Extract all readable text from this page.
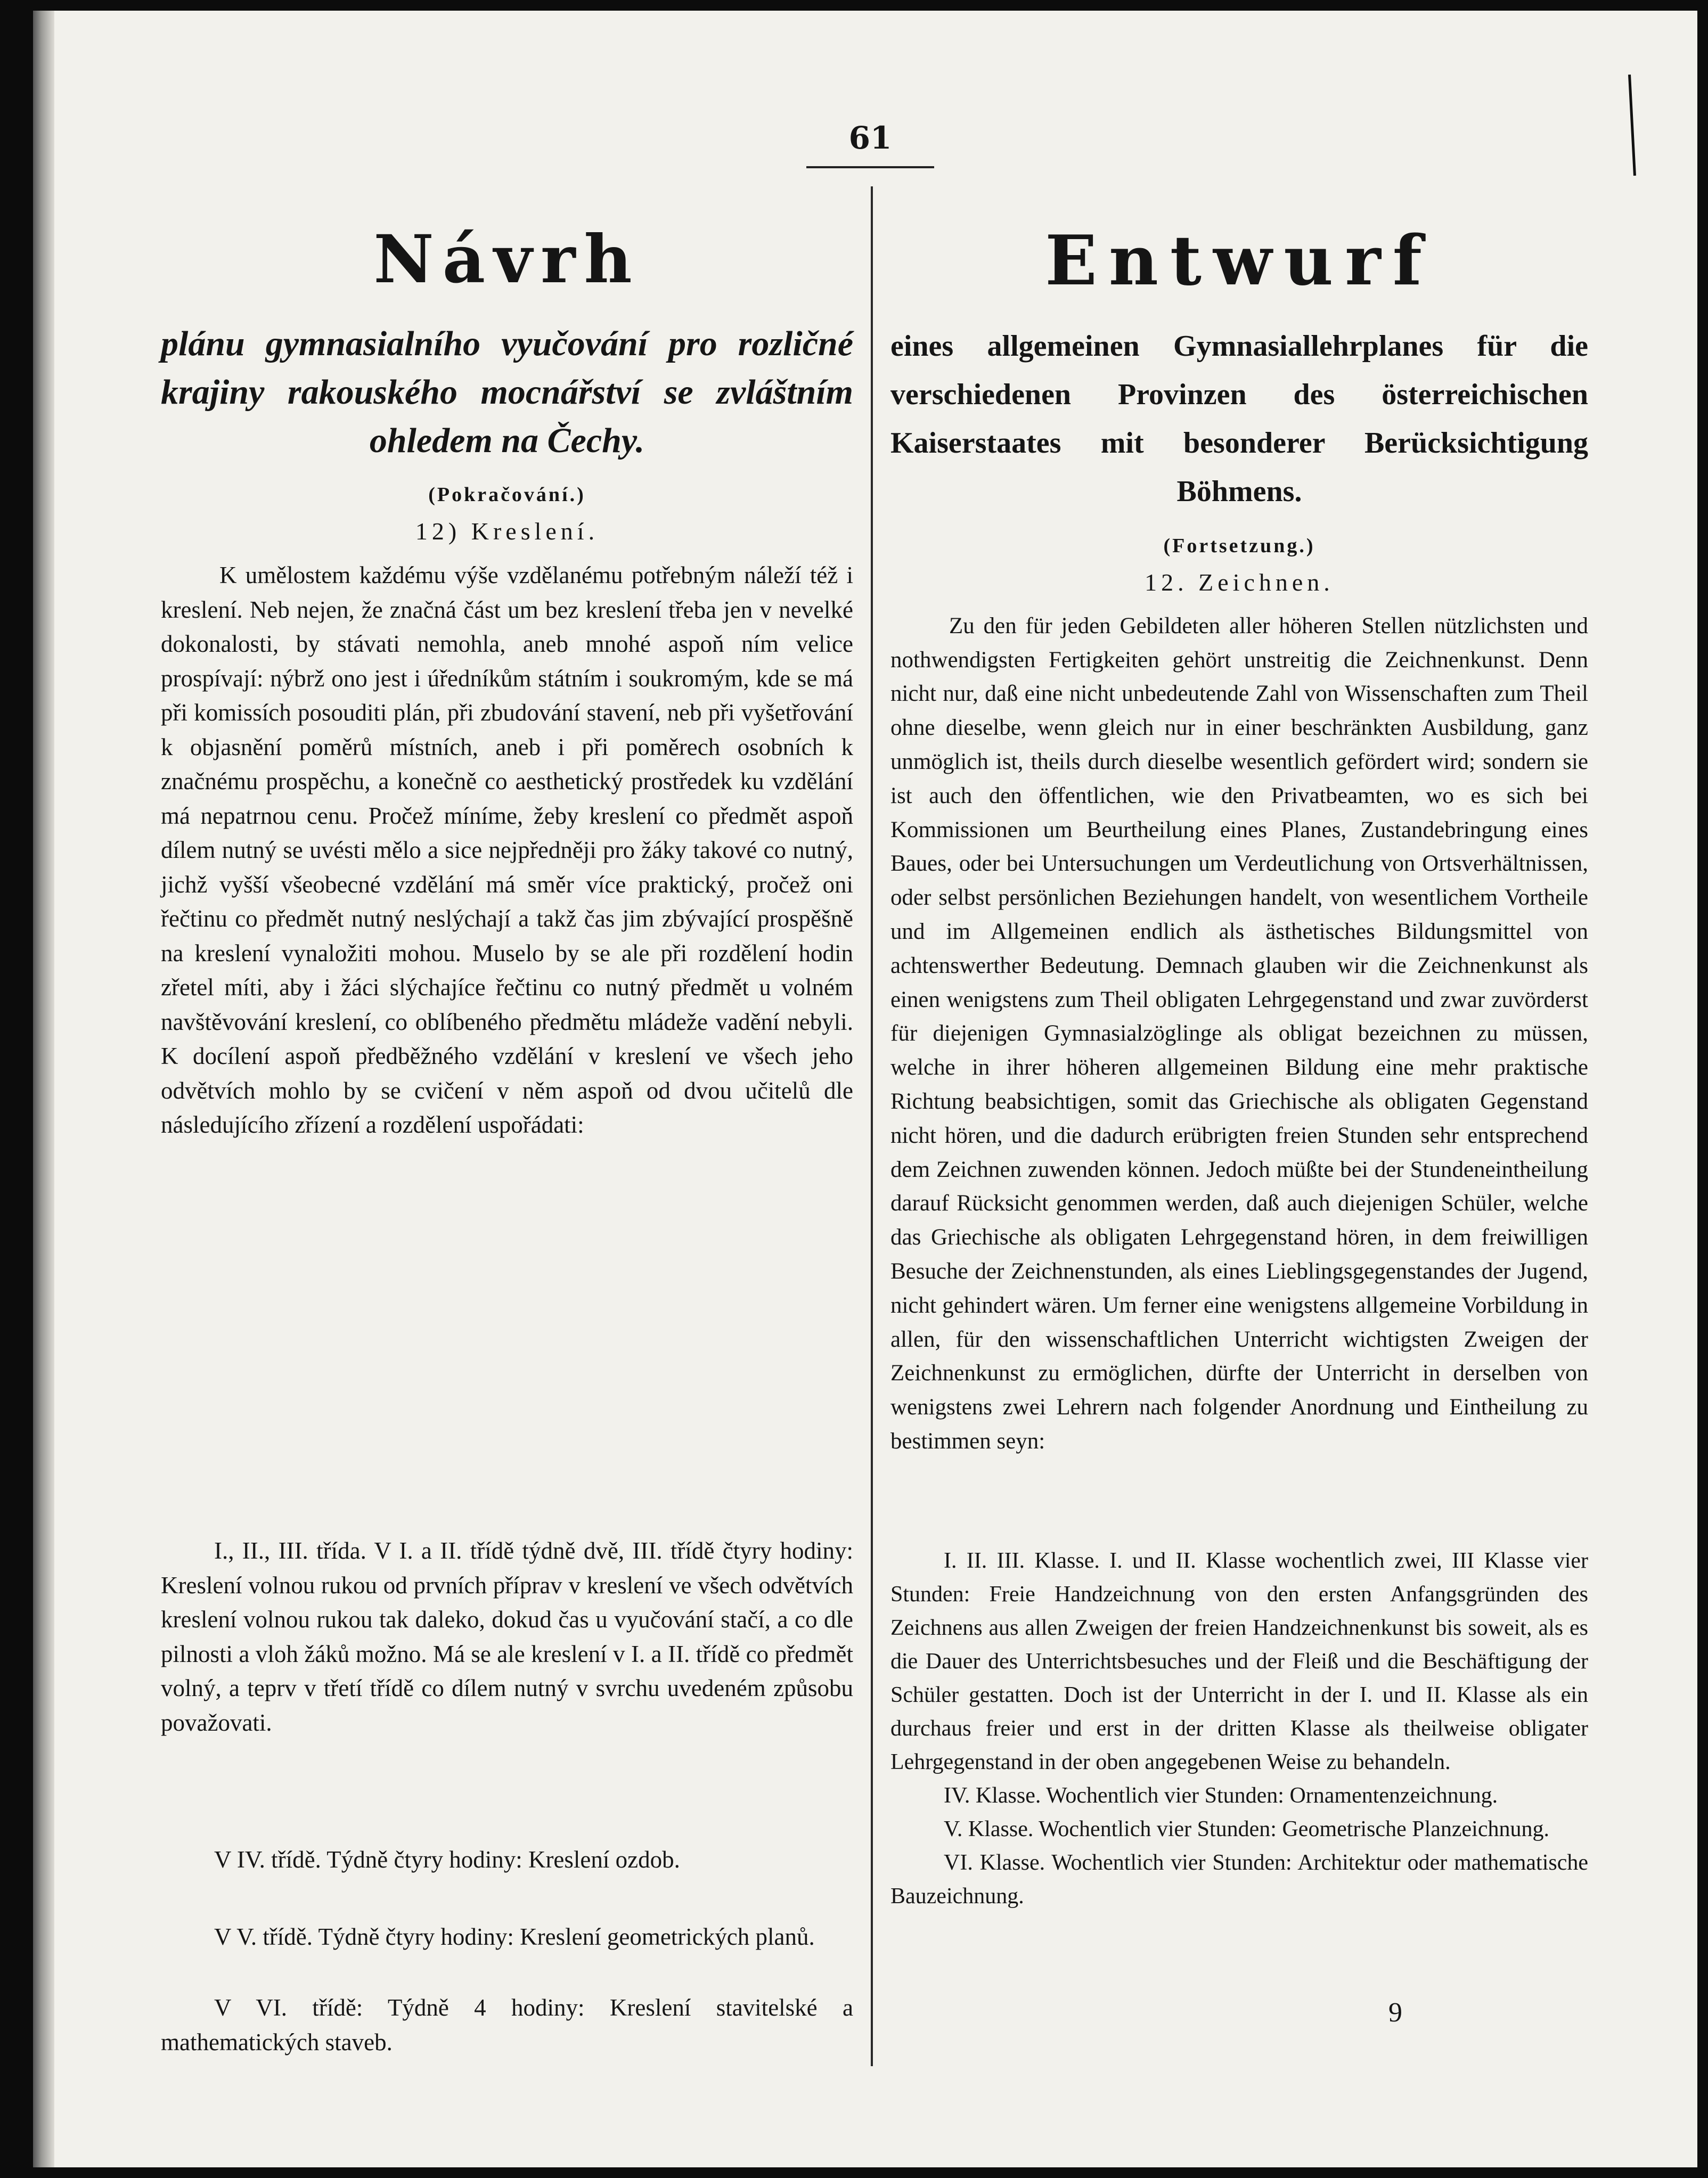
61
Návrh

plánu gymnasialního vyučování pro rozličné krajiny rakouského mocnářství se zvláštním ohledem na Čechy.

(Pokračování.)

12) Kreslení.

K umělostem každému výše vzdělanému potřebným náleží též i kreslení. Neb nejen, že značná část um bez kreslení třeba jen v nevelké dokonalosti, by stávati nemohla, aneb mnohé aspoň ním velice prospívají: nýbrž ono jest i úředníkům státním i soukromým, kde se má při komissích posouditi plán, při zbudování stavení, neb při vyšetřování k objasnění poměrů místních, aneb i při poměrech osobních k značnému prospěchu, a konečně co aesthetický prostředek ku vzdělání má nepatrnou cenu. Pročež míníme, žeby kreslení co předmět aspoň dílem nutný se uvésti mělo a sice nejpředněji pro žáky takové co nutný, jichž vyšší všeobecné vzdělání má směr více praktický, pročež oni řečtinu co předmět nutný neslýchají a takž čas jim zbývající prospěšně na kreslení vynaložiti mohou. Muselo by se ale při rozdělení hodin zřetel míti, aby i žáci slýchajíce řečtinu co nutný předmět u volném navštěvování kreslení, co oblíbeného předmětu mládeže vadění nebyli. K docílení aspoň předběžného vzdělání v kreslení ve všech jeho odvětvích mohlo by se cvičení v něm aspoň od dvou učitelů dle následujícího zřízení a rozdělení uspořádati:

I., II., III. třída. V I. a II. třídě týdně dvě, III. třídě čtyry hodiny: Kreslení volnou rukou od prvních příprav v kreslení ve všech odvětvích kreslení volnou rukou tak daleko, dokud čas u vyučování stačí, a co dle pilnosti a vloh žáků možno. Má se ale kreslení v I. a II. třídě co předmět volný, a teprv v třetí třídě co dílem nutný v svrchu uvedeném způsobu považovati.

V IV. třídě. Týdně čtyry hodiny: Kreslení ozdob.

V V. třídě. Týdně čtyry hodiny: Kreslení geometrických planů.

V VI. třídě: Týdně 4 hodiny: Kreslení stavitelské a mathematických staveb.

Entwurf

eines allgemeinen Gymnasiallehrplanes für die verschiedenen Provinzen des österreichischen Kaiserstaates mit besonderer Berücksichtigung Böhmens.

(Fortsetzung.)

12. Zeichnen.

Zu den für jeden Gebildeten aller höheren Stellen nützlichsten und nothwendigsten Fertigkeiten gehört unstreitig die Zeichnenkunst. Denn nicht nur, daß eine nicht unbedeutende Zahl von Wissenschaften zum Theil ohne dieselbe, wenn gleich nur in einer beschränkten Ausbildung, ganz unmöglich ist, theils durch dieselbe wesentlich gefördert wird; sondern sie ist auch den öffentlichen, wie den Privatbeamten, wo es sich bei Kommissionen um Beurtheilung eines Planes, Zustandebringung eines Baues, oder bei Untersuchungen um Verdeutlichung von Ortsverhältnissen, oder selbst persönlichen Beziehungen handelt, von wesentlichem Vortheile und im Allgemeinen endlich als ästhetisches Bildungsmittel von achtenswerther Bedeutung. Demnach glauben wir die Zeichnenkunst als einen wenigstens zum Theil obligaten Lehrgegenstand und zwar zuvörderst für diejenigen Gymnasialzöglinge als obligat bezeichnen zu müssen, welche in ihrer höheren allgemeinen Bildung eine mehr praktische Richtung beabsichtigen, somit das Griechische als obligaten Gegenstand nicht hören, und die dadurch erübrigten freien Stunden sehr entsprechend dem Zeichnen zuwenden können. Jedoch müßte bei der Stundeneintheilung darauf Rücksicht genommen werden, daß auch diejenigen Schüler, welche das Griechische als obligaten Lehrgegenstand hören, in dem freiwilligen Besuche der Zeichnenstunden, als eines Lieblingsgegenstandes der Jugend, nicht gehindert wären. Um ferner eine wenigstens allgemeine Vorbildung in allen, für den wissenschaftlichen Unterricht wichtigsten Zweigen der Zeichnenkunst zu ermöglichen, dürfte der Unterricht in derselben von wenigstens zwei Lehrern nach folgender Anordnung und Eintheilung zu bestimmen seyn:

I. II. III. Klasse. I. und II. Klasse wochentlich zwei, III Klasse vier Stunden: Freie Handzeichnung von den ersten Anfangsgründen des Zeichnens aus allen Zweigen der freien Handzeichnenkunst bis soweit, als es die Dauer des Unterrichtsbesuches und der Fleiß und die Beschäftigung der Schüler gestatten. Doch ist der Unterricht in der I. und II. Klasse als ein durchaus freier und erst in der dritten Klasse als theilweise obligater Lehrgegenstand in der oben angegebenen Weise zu behandeln.

IV. Klasse. Wochentlich vier Stunden: Ornamentenzeichnung.

V. Klasse. Wochentlich vier Stunden: Geometrische Planzeichnung.

VI. Klasse. Wochentlich vier Stunden: Architektur oder mathematische Bauzeichnung.

9
